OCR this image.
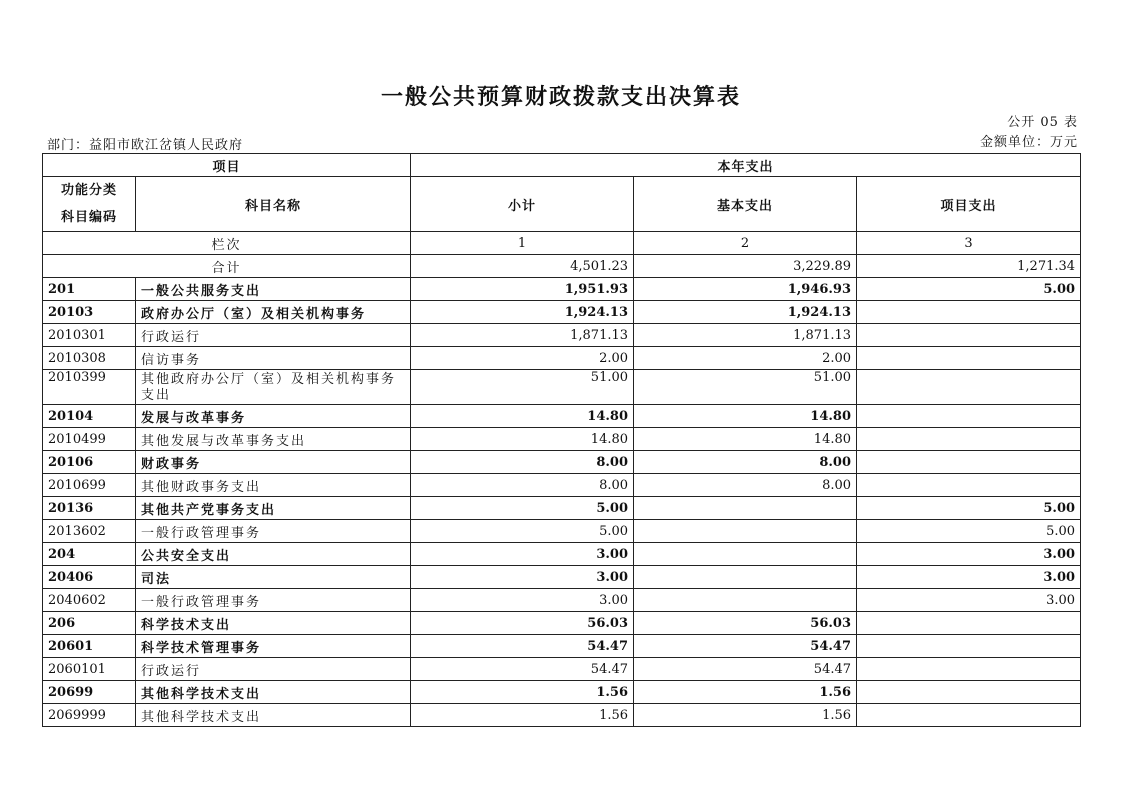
一般公共预算财政拨款支出决算表
公开 05 表
部门：益阳市欧江岔镇人民政府	金额单位：万元
项目		本年支出		

功能分类
科目编码	科目名称	小计	基本支出	项目支出
栏次		1	2	3
合计		4,501.23	3,229.89	1,271.34
201	一般公共服务支出	1,951.93	1,946.93	5.00
20103	政府办公厅（室）及相关机构事务	1,924.13	1,924.13	
2010301	行政运行	1,871.13	1,871.13	
2010308	信访事务	2.00	2.00	
2010399	其他政府办公厅（室）及相关机构事务支出	51.00	51.00	
20104	发展与改革事务	14.80	14.80	
2010499	其他发展与改革事务支出	14.80	14.80	
20106	财政事务	8.00	8.00	
2010699	其他财政事务支出	8.00	8.00	
20136	其他共产党事务支出	5.00		5.00
2013602	一般行政管理事务	5.00		5.00
204	公共安全支出	3.00		3.00
20406	司法	3.00		3.00
2040602	一般行政管理事务	3.00		3.00
206	科学技术支出	56.03	56.03	
20601	科学技术管理事务	54.47	54.47	
2060101	行政运行	54.47	54.47	
20699	其他科学技术支出	1.56	1.56	
2069999	其他科学技术支出	1.56	1.56	
